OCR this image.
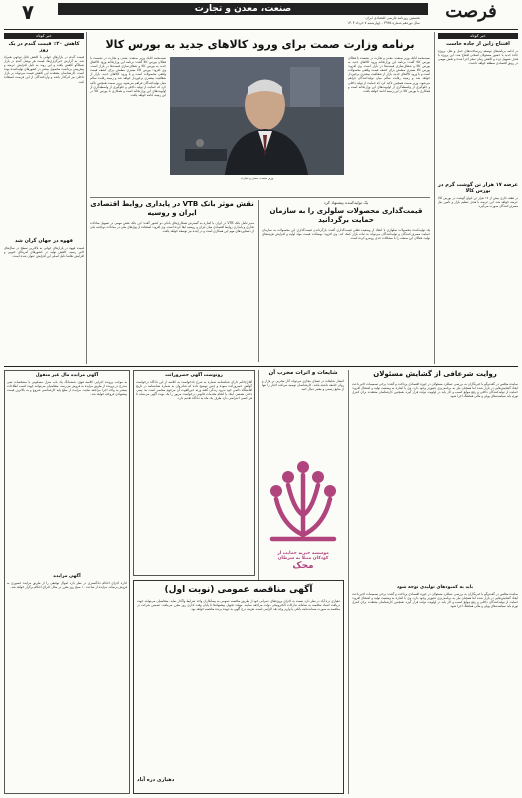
فرصت
صنعت، معدن و تجارت
۷	نخستین روزنامه فارسی اقتصادی ایران
سال نوزدهم شماره ۳۹۳۵ - چهارشنبه ۷ خرداد ۱۴۰۴
خبر کوتاه
افتتاح زاین از جاده خاست
در ادامه برنامه‌های توسعه زیرساخت‌های حمل و نقل، پروژه جاده جدید با حضور مسئولان استانی افتتاح شد. این پروژه با هدف تسهیل تردد و کاهش زمان سفر اجرا شده و نقش مهمی در رونق اقتصادی منطقه خواهد داشت.
عرضه ۱۷ هزار تن گوشت گرم در بورس کالا
در هفته جاری بیش از ۱۷ هزار تن انواع گوشت در بورس کالا عرضه خواهد شد. این عرضه با هدف تنظیم بازار و تامین نیاز مصرف‌کنندگان صورت می‌گیرد.
خبر کوتاه
کاهش ۲۰٪ قیمت گندم در یک روز
قیمت گندم در بازارهای جهانی با کاهش قابل توجهی همراه شد. به گزارش خبرگزاری‌ها، قیمت هر بوشل گندم در بازار شیکاگو کاهش یافت و این روند به دلیل افزایش عرضه و پیش‌بینی برداشت محصول بیشتر در کشورهای تولیدکننده بوده است. کارشناسان معتقدند این کاهش قیمت می‌تواند بر بازار داخلی نیز اثرگذار باشد و واردکنندگان از این فرصت استفاده کنند.
قهوه در جهان گران شد
قیمت قهوه در بازارهای جهانی به بالاترین سطح در سال‌های اخیر رسید. کاهش تولید در کشورهای آمریکای جنوبی و افزایش تقاضا دلیل اصلی این افزایش عنوان شده است.
برنامه وزارت صمت برای ورود کالاهای جدید به بورس کالا
سیدمحمد اتابک وزیر صنعت، معدن و تجارت در نشست با فعالان بورس کالا گفت: برنامه این وزارتخانه ورود کالاهای جدید به بورس کالا و شفاف‌سازی قیمت‌ها در بازار است. وی افزود: بورس کالا بستری مطمئن برای کشف قیمت واقعی محصولات است و با ورود کالاهای جدید، بازار از شفافیت بیشتری برخوردار خواهد شد و زمینه رقابت سالم میان تولیدکنندگان فراهم می‌شود. وزیر صمت همچنین تاکید کرد که حمایت از تولید داخلی و جلوگیری از واسطه‌گری از اولویت‌های این وزارتخانه است و همکاری با بورس کالا در این زمینه ادامه خواهد یافت.
سیدمحمد اتابک وزیر صنعت، معدن و تجارت در نشست با فعالان بورس کالا گفت: برنامه این وزارتخانه ورود کالاهای جدید به بورس کالا و شفاف‌سازی قیمت‌ها در بازار است. وی افزود: بورس کالا بستری مطمئن برای کشف قیمت واقعی محصولات است و با ورود کالاهای جدید، بازار از شفافیت بیشتری برخوردار خواهد شد و زمینه رقابت سالم میان تولیدکنندگان فراهم می‌شود. وزیر صمت همچنین تاکید کرد که حمایت از تولید داخلی و جلوگیری از واسطه‌گری از اولویت‌های این وزارتخانه است و همکاری با بورس کالا در این زمینه ادامه خواهد یافت.
وزیر صنعت، معدن و تجارت
یک تولیدکننده پیشنهاد کرد
قیمت‌گذاری محصولات سلولزی را به سازمان حمایت برگردانید
یک تولیدکننده محصولات سلولزی با انتقاد از وضعیت فعلی قیمت‌گذاری گفت: بازگرداندن قیمت‌گذاری این محصولات به سازمان حمایت مصرف‌کنندگان و تولیدکنندگان می‌تواند به ثبات بازار کمک کند. وی افزود: نوسانات قیمت مواد اولیه و افزایش هزینه‌های تولید، فعالان این صنعت را با مشکلات جدی روبه‌رو کرده است.
نقش موثر بانک VTB در پایداری روابط اقتصادی ایران و روسیه
مدیرعامل بانک VTB در ایران با اشاره به گسترش همکاری‌های بانکی دو کشور گفت: این بانک نقش مهمی در تسهیل مبادلات تجاری و پایداری روابط اقتصادی میان ایران و روسیه ایفا کرده است. وی افزود: استفاده از پول‌های ملی در مبادلات دوجانبه یکی از دستاوردهای مهم این همکاری است و در آینده نیز توسعه خواهد یافت.
روایت شرعافی از گشایش مسئولان
نماینده مجلس در گفت‌وگو با خبرنگاران به بررسی عملکرد مسئولان در حوزه اقتصادی پرداخت و گفت: برخی تصمیمات اخیر باعث ایجاد گشایش‌هایی در بازار شده اما همچنان نیاز به برنامه‌ریزی دقیق‌تر وجود دارد. وی با اشاره به وضعیت تولید و اشتغال افزود: حمایت از تولیدکنندگان داخلی و رفع موانع کسب و کار باید در اولویت دولت قرار گیرد. همچنین کارشناسان معتقدند برای کنترل تورم باید سیاست‌های پولی و مالی هماهنگ اجرا شود.
باید به کمبودهای تولیدی توجه شود
نماینده مجلس در گفت‌وگو با خبرنگاران به بررسی عملکرد مسئولان در حوزه اقتصادی پرداخت و گفت: برخی تصمیمات اخیر باعث ایجاد گشایش‌هایی در بازار شده اما همچنان نیاز به برنامه‌ریزی دقیق‌تر وجود دارد. وی با اشاره به وضعیت تولید و اشتغال افزود: حمایت از تولیدکنندگان داخلی و رفع موانع کسب و کار باید در اولویت دولت قرار گیرد. همچنین کارشناسان معتقدند برای کنترل تورم باید سیاست‌های پولی و مالی هماهنگ اجرا شود.
شایعات و اثرات مخرب آن
انتشار شایعات در فضای مجازی می‌تواند آثار مخربی بر بازار و روان جامعه داشته باشد. کارشناسان توصیه می‌کنند اخبار را تنها از منابع رسمی و معتبر دنبال کنید.
موسسه خیریه حمایت از
کودکان مبتلا به سرطان
محک
رونوشت آگهی حصروراثت
آقای/خانم دارای شناسنامه شماره به شرح دادخواست به کلاسه از این دادگاه درخواست گواهی حصروراثت نموده و چنین توضیح داده که شادروان به شماره شناسنامه در تاریخ اقامتگاه دائمی خود بدرود زندگی گفته ورثه حین‌الفوت آن مرحوم منحصر است به: پسر، دختر، همسر. اینک با انجام مقدمات قانونی درخواست مزبور را یک نوبت آگهی می‌نماید تا هر کسی اعتراضی دارد ظرف یک ماه به دادگاه تقدیم دارد.
آگهی مزایده مال غیر منقول
به موجب پرونده اجرایی کلاسه فوق، ششدانگ یک باب منزل مسکونی با مشخصات ثبتی مندرج در پرونده از طریق مزایده به فروش می‌رسد. متقاضیان می‌توانند جهت کسب اطلاعات بیشتر به واحد اجرا مراجعه نمایند. مزایده از مبلغ پایه کارشناسی شروع و به بالاترین قیمت پیشنهادی فروخته خواهد شد.
آگهی مزایده
اداره اجرای احکام دادگستری در نظر دارد اموال توقیفی را از طریق مزایده حضوری به فروش برساند. مزایده از ساعت ۱۰ صبح روز مقرر در محل اجرای احکام برگزار خواهد شد.	آگهی مناقصه عمومی (نوبت اول)
دهیاری دره آباد در نظر دارد نسبت به اجرای پروژه‌های عمرانی خود از طریق مناقصه عمومی به پیمانکاران واجد شرایط واگذار نماید. متقاضیان می‌توانند جهت دریافت اسناد مناقصه به سامانه تدارکات الکترونیکی دولت مراجعه نمایند. مهلت تحویل پیشنهادها تا پایان وقت اداری روز مقرر می‌باشد. تضمین شرکت در مناقصه به صورت ضمانت‌نامه بانکی یا واریز وجه نقد الزامی است. هزینه درج آگهی به عهده برنده مناقصه خواهد بود.
دهیاری دره آباد
